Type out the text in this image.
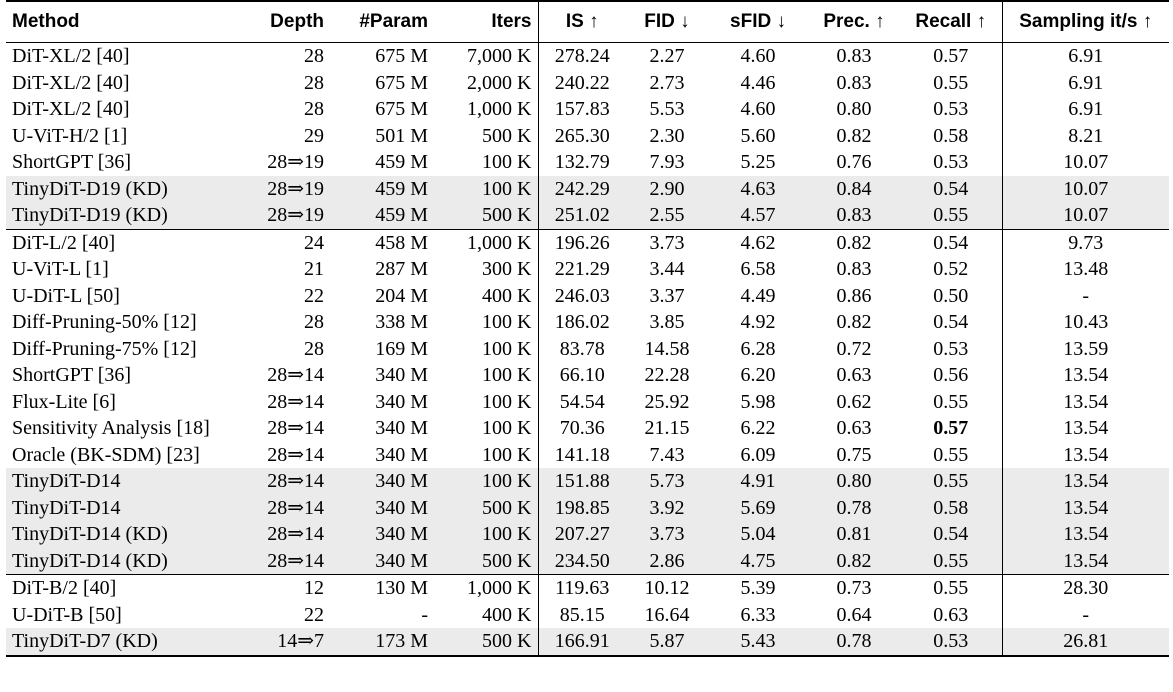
Method	Depth	#Param	Iters	IS ↑	FID ↓	sFID ↓	Prec. ↑	Recall ↑	Sampling it/s ↑
DiT-XL/2 [40]	28	675 M	7,000 K	278.24	2.27	4.60	0.83	0.57	6.91
DiT-XL/2 [40]	28	675 M	2,000 K	240.22	2.73	4.46	0.83	0.55	6.91
DiT-XL/2 [40]	28	675 M	1,000 K	157.83	5.53	4.60	0.80	0.53	6.91
U-ViT-H/2 [1]	29	501 M	500 K	265.30	2.30	5.60	0.82	0.58	8.21
ShortGPT [36]	28⇒19	459 M	100 K	132.79	7.93	5.25	0.76	0.53	10.07
TinyDiT-D19 (KD)	28⇒19	459 M	100 K	242.29	2.90	4.63	0.84	0.54	10.07
TinyDiT-D19 (KD)	28⇒19	459 M	500 K	251.02	2.55	4.57	0.83	0.55	10.07
DiT-L/2 [40]	24	458 M	1,000 K	196.26	3.73	4.62	0.82	0.54	9.73
U-ViT-L [1]	21	287 M	300 K	221.29	3.44	6.58	0.83	0.52	13.48
U-DiT-L [50]	22	204 M	400 K	246.03	3.37	4.49	0.86	0.50	-
Diff-Pruning-50% [12]	28	338 M	100 K	186.02	3.85	4.92	0.82	0.54	10.43
Diff-Pruning-75% [12]	28	169 M	100 K	83.78	14.58	6.28	0.72	0.53	13.59
ShortGPT [36]	28⇒14	340 M	100 K	66.10	22.28	6.20	0.63	0.56	13.54
Flux-Lite [6]	28⇒14	340 M	100 K	54.54	25.92	5.98	0.62	0.55	13.54
Sensitivity Analysis [18]	28⇒14	340 M	100 K	70.36	21.15	6.22	0.63	0.57	13.54
Oracle (BK-SDM) [23]	28⇒14	340 M	100 K	141.18	7.43	6.09	0.75	0.55	13.54
TinyDiT-D14	28⇒14	340 M	100 K	151.88	5.73	4.91	0.80	0.55	13.54
TinyDiT-D14	28⇒14	340 M	500 K	198.85	3.92	5.69	0.78	0.58	13.54
TinyDiT-D14 (KD)	28⇒14	340 M	100 K	207.27	3.73	5.04	0.81	0.54	13.54
TinyDiT-D14 (KD)	28⇒14	340 M	500 K	234.50	2.86	4.75	0.82	0.55	13.54
DiT-B/2 [40]	12	130 M	1,000 K	119.63	10.12	5.39	0.73	0.55	28.30
U-DiT-B [50]	22	-	400 K	85.15	16.64	6.33	0.64	0.63	-
TinyDiT-D7 (KD)	14⇒7	173 M	500 K	166.91	5.87	5.43	0.78	0.53	26.81
